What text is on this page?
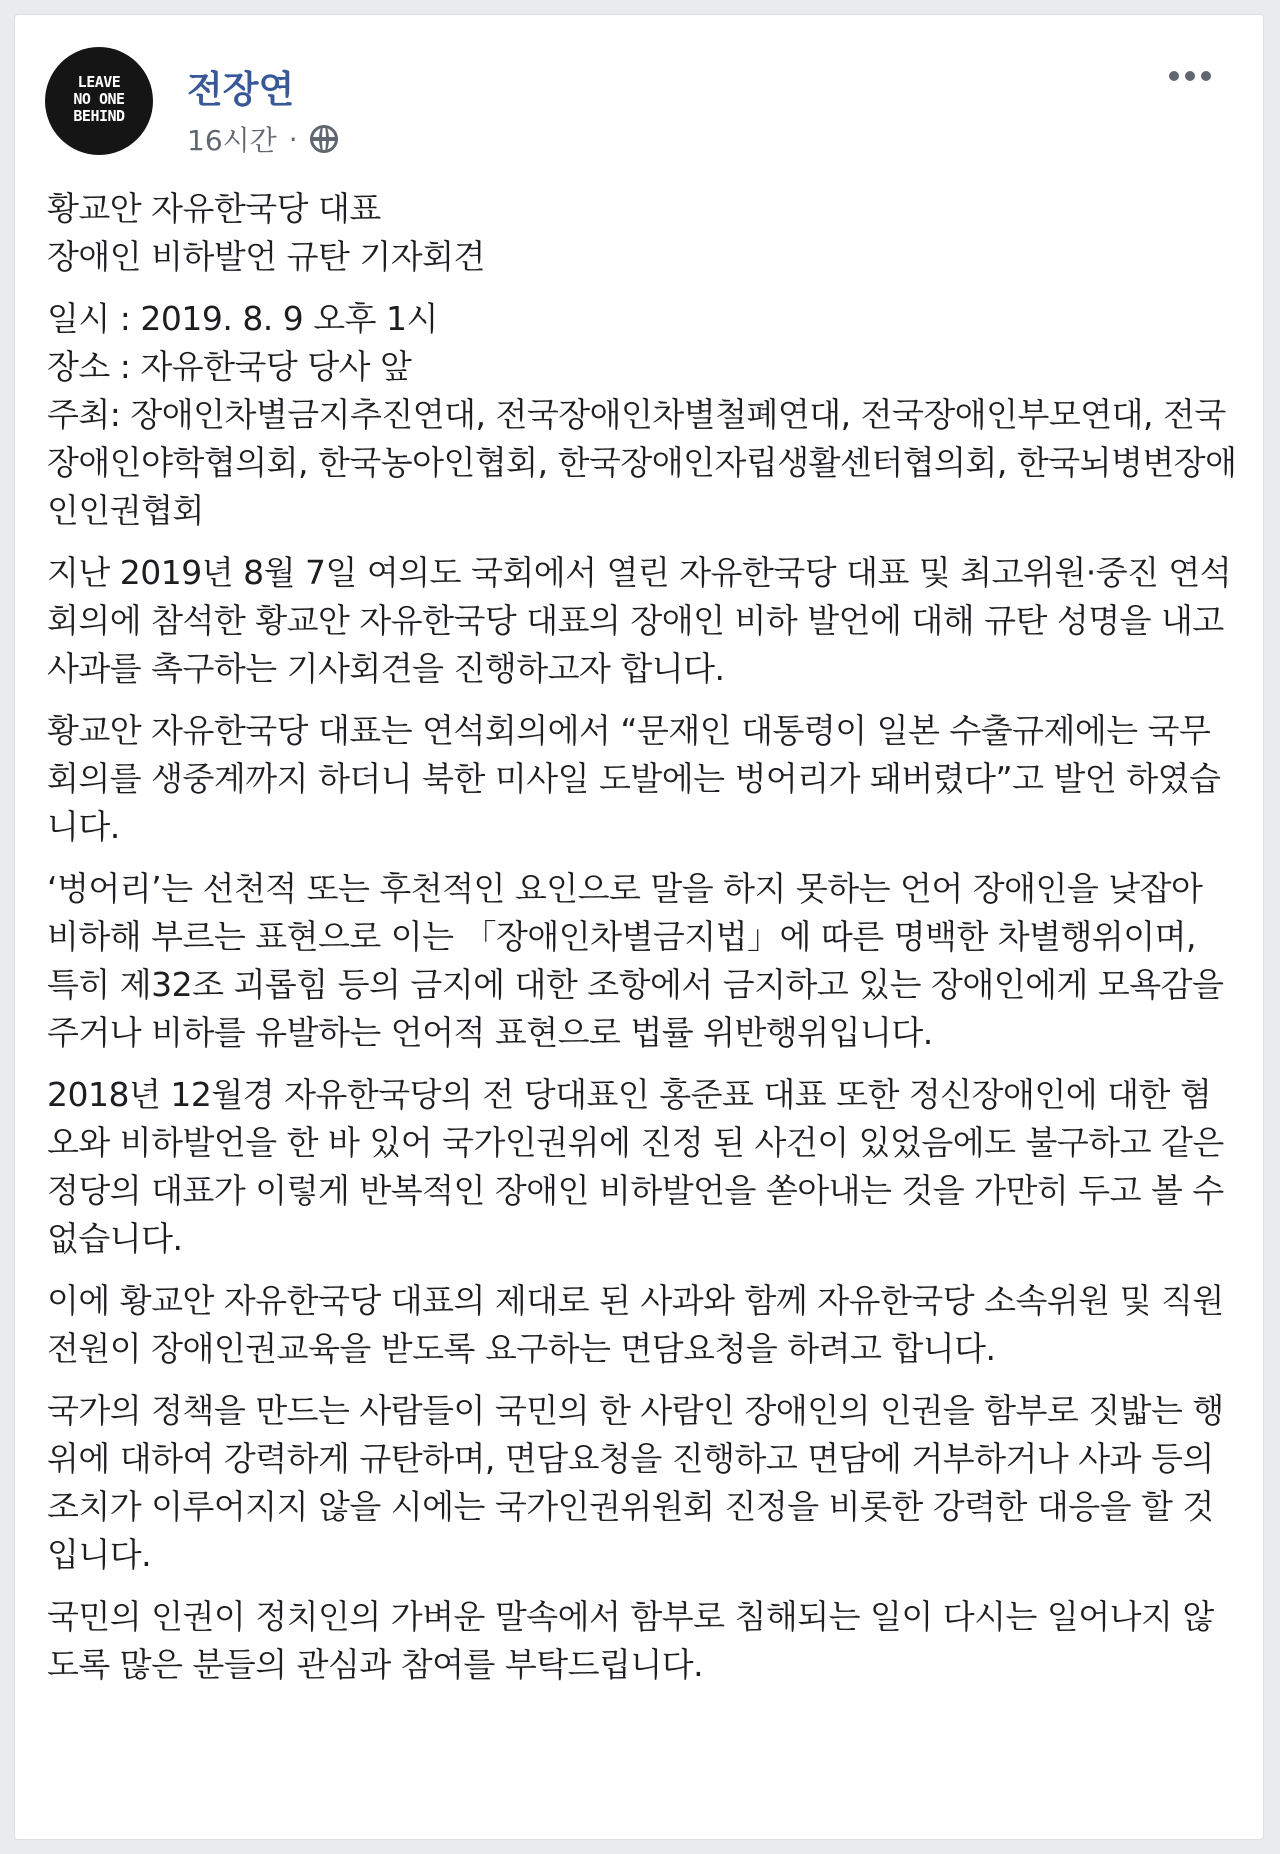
LEAVE
NO ONE
BEHIND
전장연
16시간 ·

황교안 자유한국당 대표
장애인 비하발언 규탄 기자회견

일시 : 2019. 8. 9 오후 1시
장소 : 자유한국당 당사 앞
주최: 장애인차별금지추진연대, 전국장애인차별철폐연대, 전국장애인부모연대, 전국장애인야학협의회, 한국농아인협회, 한국장애인자립생활센터협의회, 한국뇌병변장애인인권협회

지난 2019년 8월 7일 여의도 국회에서 열린 자유한국당 대표 및 최고위원·중진 연석회의에 참석한 황교안 자유한국당 대표의 장애인 비하 발언에 대해 규탄 성명을 내고 사과를 촉구하는 기사회견을 진행하고자 합니다.

황교안 자유한국당 대표는 연석회의에서 “문재인 대통령이 일본 수출규제에는 국무회의를 생중계까지 하더니 북한 미사일 도발에는 벙어리가 돼버렸다”고 발언 하였습니다.

‘벙어리’는 선천적 또는 후천적인 요인으로 말을 하지 못하는 언어 장애인을 낮잡아 비하해 부르는 표현으로 이는 「장애인차별금지법」에 따른 명백한 차별행위이며, 특히 제32조 괴롭힘 등의 금지에 대한 조항에서 금지하고 있는 장애인에게 모욕감을 주거나 비하를 유발하는 언어적 표현으로 법률 위반행위입니다.

2018년 12월경 자유한국당의 전 당대표인 홍준표 대표 또한 정신장애인에 대한 혐오와 비하발언을 한 바 있어 국가인권위에 진정 된 사건이 있었음에도 불구하고 같은 정당의 대표가 이렇게 반복적인 장애인 비하발언을 쏟아내는 것을 가만히 두고 볼 수 없습니다.

이에 황교안 자유한국당 대표의 제대로 된 사과와 함께 자유한국당 소속위원 및 직원 전원이 장애인권교육을 받도록 요구하는 면담요청을 하려고 합니다.

국가의 정책을 만드는 사람들이 국민의 한 사람인 장애인의 인권을 함부로 짓밟는 행위에 대하여 강력하게 규탄하며, 면담요청을 진행하고 면담에 거부하거나 사과 등의 조치가 이루어지지 않을 시에는 국가인권위원회 진정을 비롯한 강력한 대응을 할 것입니다.

국민의 인권이 정치인의 가벼운 말속에서 함부로 침해되는 일이 다시는 일어나지 않도록 많은 분들의 관심과 참여를 부탁드립니다.
